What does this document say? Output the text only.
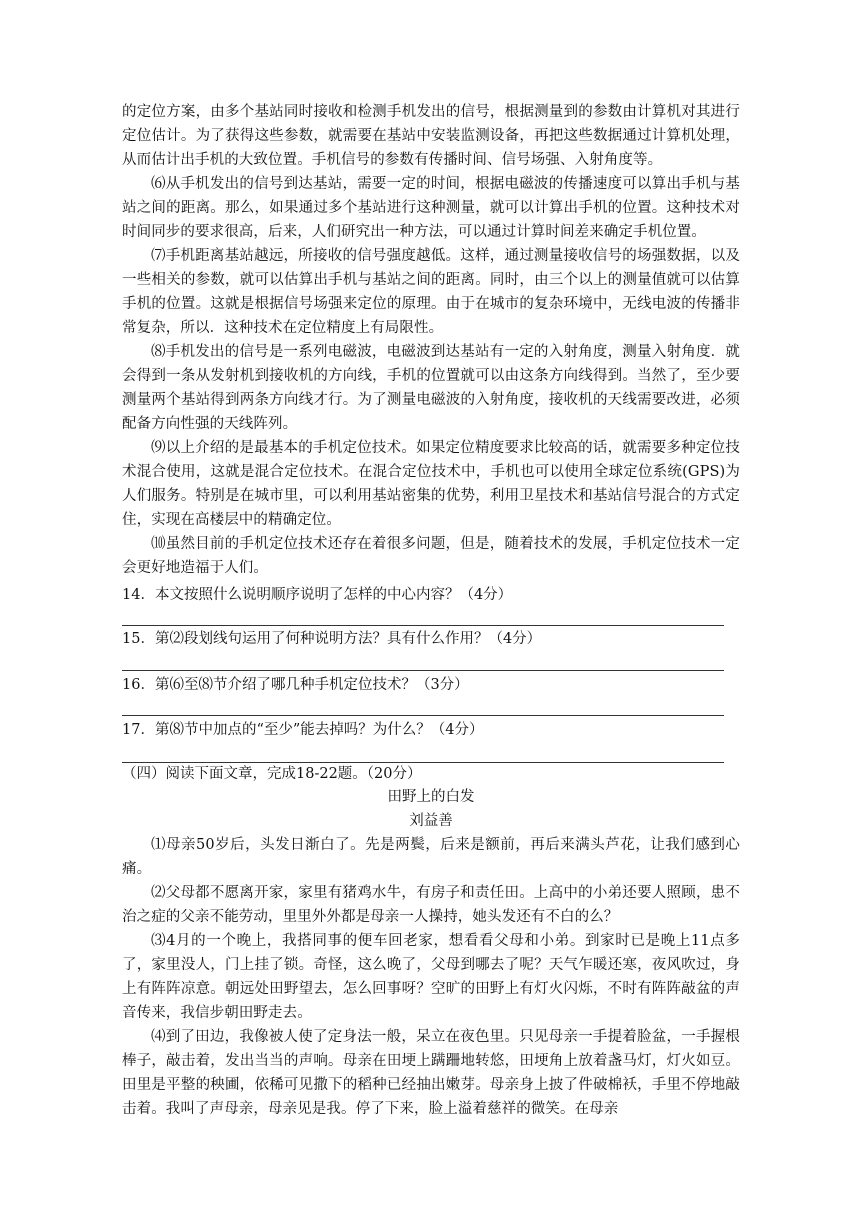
的定位方案，由多个基站同时接收和检测手机发出的信号，根据测量到的参数由计算机对其进行定位估计。为了获得这些参数，就需要在基站中安装监测设备，再把这些数据通过计算机处理，从而估计出手机的大致位置。手机信号的参数有传播时间、信号场强、入射角度等。

⑹从手机发出的信号到达基站，需要一定的时间，根据电磁波的传播速度可以算出手机与基站之间的距离。那么，如果通过多个基站进行这种测量，就可以计算出手机的位置。这种技术对时间同步的要求很高，后来，人们研究出一种方法，可以通过计算时间差来确定手机位置。

⑺手机距离基站越远，所接收的信号强度越低。这样，通过测量接收信号的场强数据，以及一些相关的参数，就可以估算出手机与基站之间的距离。同时，由三个以上的测量值就可以估算手机的位置。这就是根据信号场强来定位的原理。由于在城市的复杂环境中，无线电波的传播非常复杂，所以．这种技术在定位精度上有局限性。

⑻手机发出的信号是一系列电磁波，电磁波到达基站有一定的入射角度，测量入射角度．就会得到一条从发射机到接收机的方向线，手机的位置就可以由这条方向线得到。当然了，至少要测量两个基站得到两条方向线才行。为了测量电磁波的入射角度，接收机的天线需要改进，必须配备方向性强的天线阵列。

⑼以上介绍的是最基本的手机定位技术。如果定位精度要求比较高的话，就需要多种定位技术混合使用，这就是混合定位技术。在混合定位技术中，手机也可以使用全球定位系统(GPS)为人们服务。特别是在城市里，可以利用基站密集的优势，利用卫星技术和基站信号混合的方式定住，实现在高楼层中的精确定位。

⑽虽然目前的手机定位技术还存在着很多问题，但是，随着技术的发展，手机定位技术一定会更好地造福于人们。

14．本文按照什么说明顺序说明了怎样的中心内容？（4分）
15．第⑵段划线句运用了何种说明方法？具有什么作用？（4分）
16．第⑹至⑻节介绍了哪几种手机定位技术？（3分）
17．第⑻节中加点的“至少”能去掉吗？为什么？（4分）
（四）阅读下面文章，完成18-22题。（20分）
田野上的白发
刘益善

⑴母亲50岁后，头发日渐白了。先是两鬓，后来是额前，再后来满头芦花，让我们感到心痛。

⑵父母都不愿离开家，家里有猪鸡水牛，有房子和责任田。上高中的小弟还要人照顾，患不治之症的父亲不能劳动，里里外外都是母亲一人操持，她头发还有不白的么？

⑶4月的一个晚上，我搭同事的便车回老家，想看看父母和小弟。到家时已是晚上11点多了，家里没人，门上挂了锁。奇怪，这么晚了，父母到哪去了呢？天气乍暖还寒，夜风吹过，身上有阵阵凉意。朝远处田野望去，怎么回事呀？空旷的田野上有灯火闪烁，不时有阵阵敲盆的声音传来，我信步朝田野走去。

⑷到了田边，我像被人使了定身法一般，呆立在夜色里。只见母亲一手提着脸盆，一手握根棒子，敲击着，发出当当的声响。母亲在田埂上蹒跚地转悠，田埂角上放着盏马灯，灯火如豆。田里是平整的秧圃，依稀可见撒下的稻种已经抽出嫩芽。母亲身上披了件破棉袄，手里不停地敲击着。我叫了声母亲，母亲见是我。停了下来，脸上溢着慈祥的微笑。在母亲
